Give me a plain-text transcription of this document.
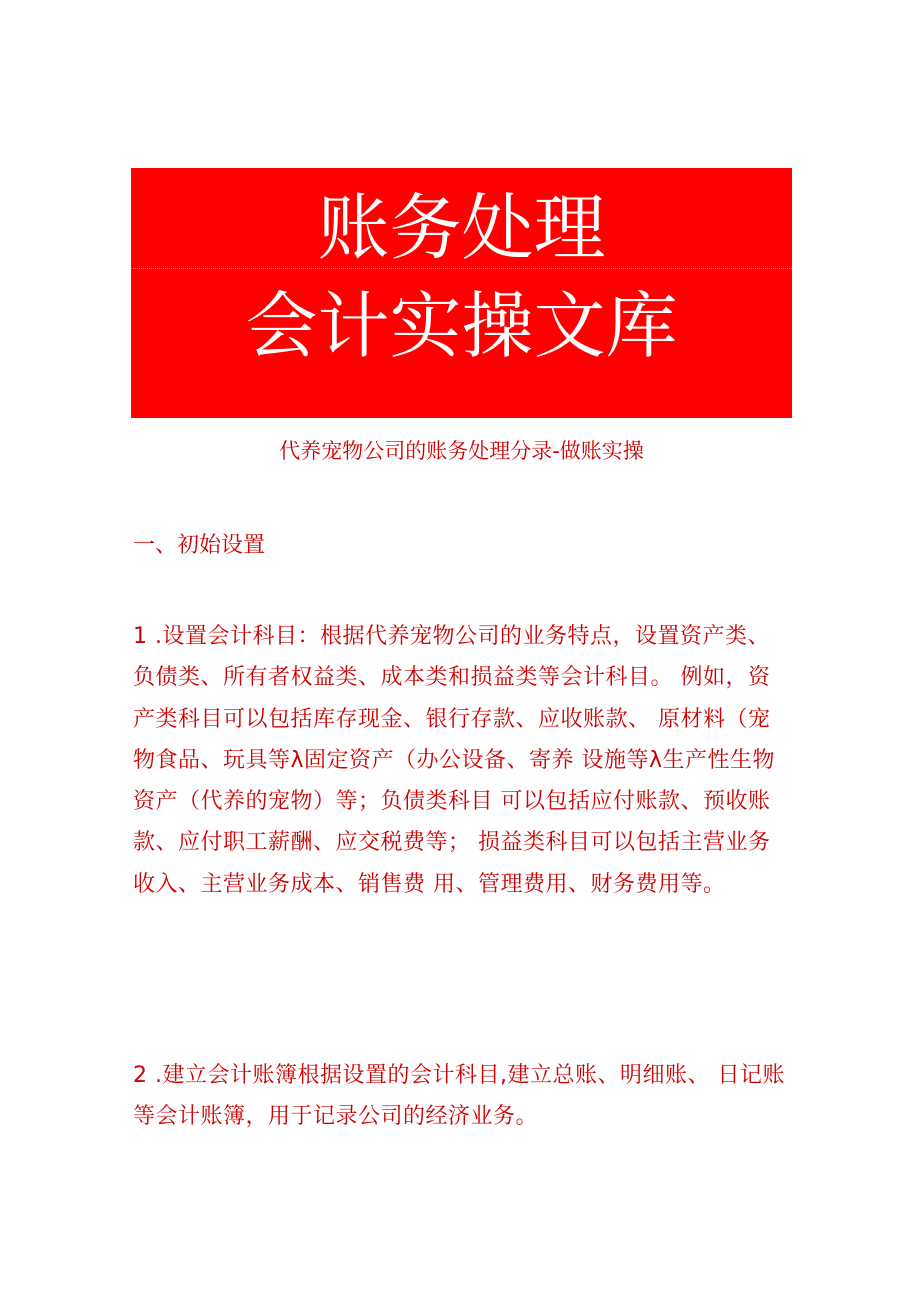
账务处理
会计实操文库
代养宠物公司的账务处理分录-做账实操
一、初始设置

1 .设置会计科目：根据代养宠物公司的业务特点，设置资产类、负债类、所有者权益类、成本类和损益类等会计科目。 例如，资产类科目可以包括库存现金、银行存款、应收账款、 原材料（宠物食品、玩具等λ固定资产（办公设备、寄养 设施等λ生产性生物资产（代养的宠物）等；负债类科目 可以包括应付账款、预收账款、应付职工薪酬、应交税费等； 损益类科目可以包括主营业务收入、主营业务成本、销售费 用、管理费用、财务费用等。

2 .建立会计账簿根据设置的会计科目,建立总账、明细账、 日记账等会计账簿，用于记录公司的经济业务。
